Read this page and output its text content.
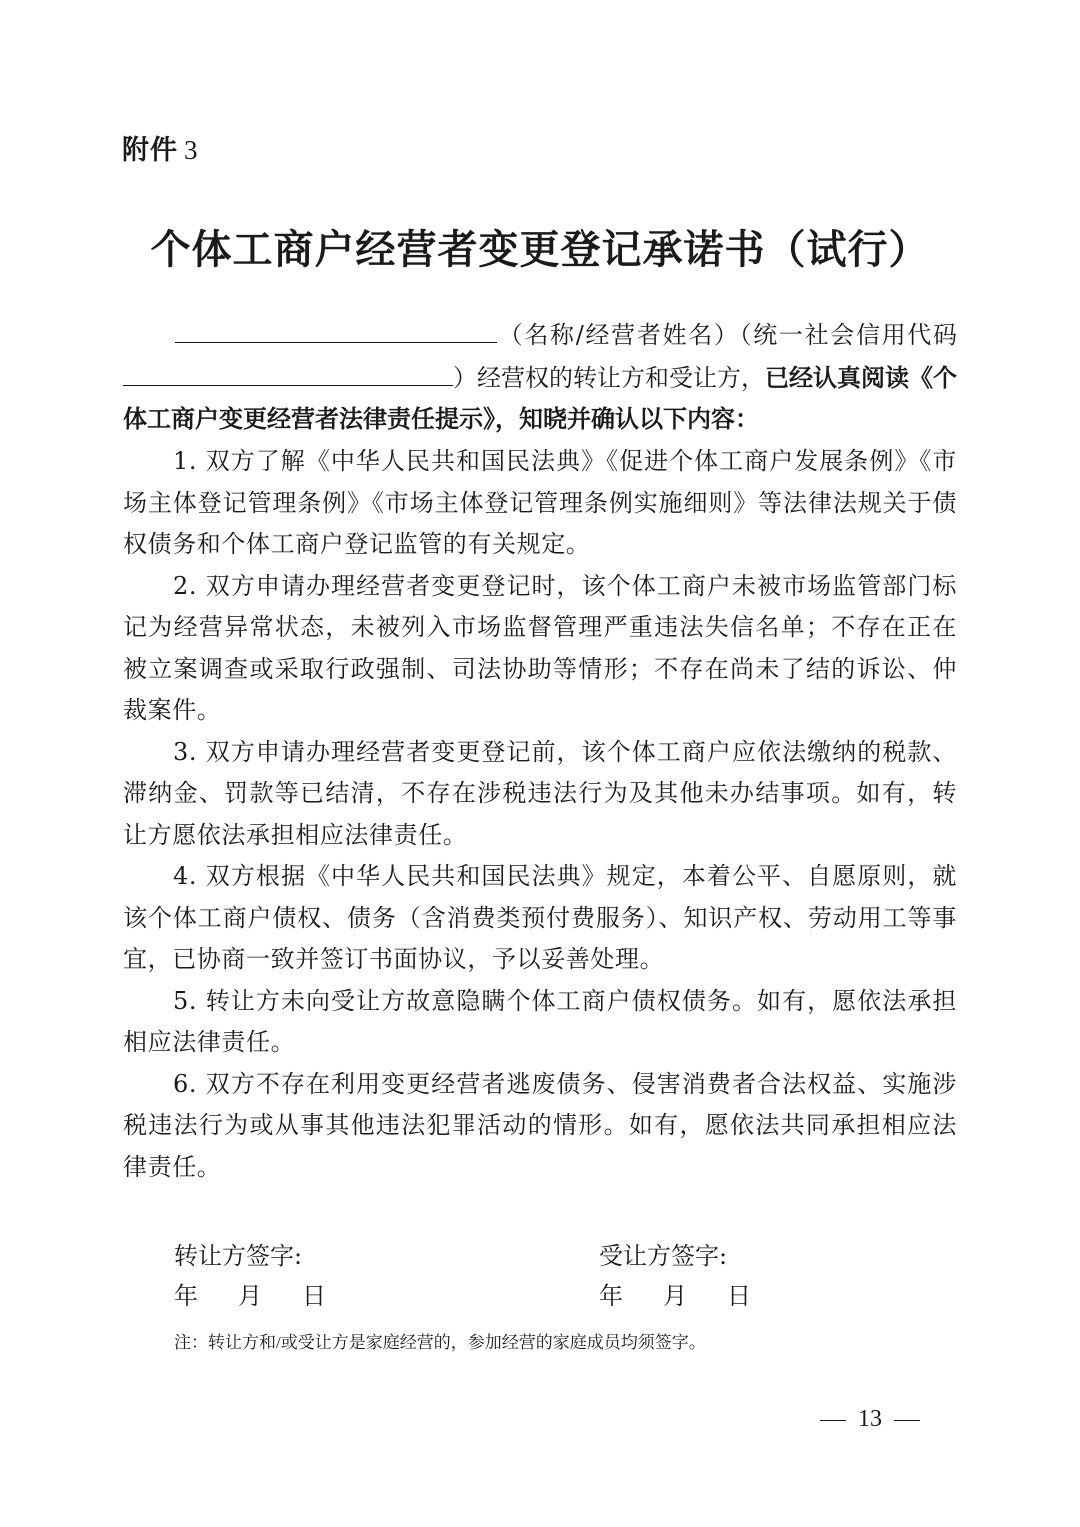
附件 3
个体工商户经营者变更登记承诺书（试行）
（名称/经营者姓名）（统一社会信用代码）经营权的转让方和受让方，已经认真阅读《个体工商户变更经营者法律责任提示》，知晓并确认以下内容：

1. 双方了解《中华人民共和国民法典》《促进个体工商户发展条例》《市场主体登记管理条例》《市场主体登记管理条例实施细则》等法律法规关于债权债务和个体工商户登记监管的有关规定。

2. 双方申请办理经营者变更登记时，该个体工商户未被市场监管部门标记为经营异常状态，未被列入市场监督管理严重违法失信名单；不存在正在被立案调查或采取行政强制、司法协助等情形；不存在尚未了结的诉讼、仲裁案件。

3. 双方申请办理经营者变更登记前，该个体工商户应依法缴纳的税款、滞纳金、罚款等已结清，不存在涉税违法行为及其他未办结事项。如有，转让方愿依法承担相应法律责任。

4. 双方根据《中华人民共和国民法典》规定，本着公平、自愿原则，就该个体工商户债权、债务（含消费类预付费服务）、知识产权、劳动用工等事宜，已协商一致并签订书面协议，予以妥善处理。

5. 转让方未向受让方故意隐瞒个体工商户债权债务。如有，愿依法承担相应法律责任。

6. 双方不存在利用变更经营者逃废债务、侵害消费者合法权益、实施涉税违法行为或从事其他违法犯罪活动的情形。如有，愿依法共同承担相应法律责任。

转让方签字:
年 月 日
受让方签字:
年 月 日
注：转让方和/或受让方是家庭经营的，参加经营的家庭成员均须签字。
13
